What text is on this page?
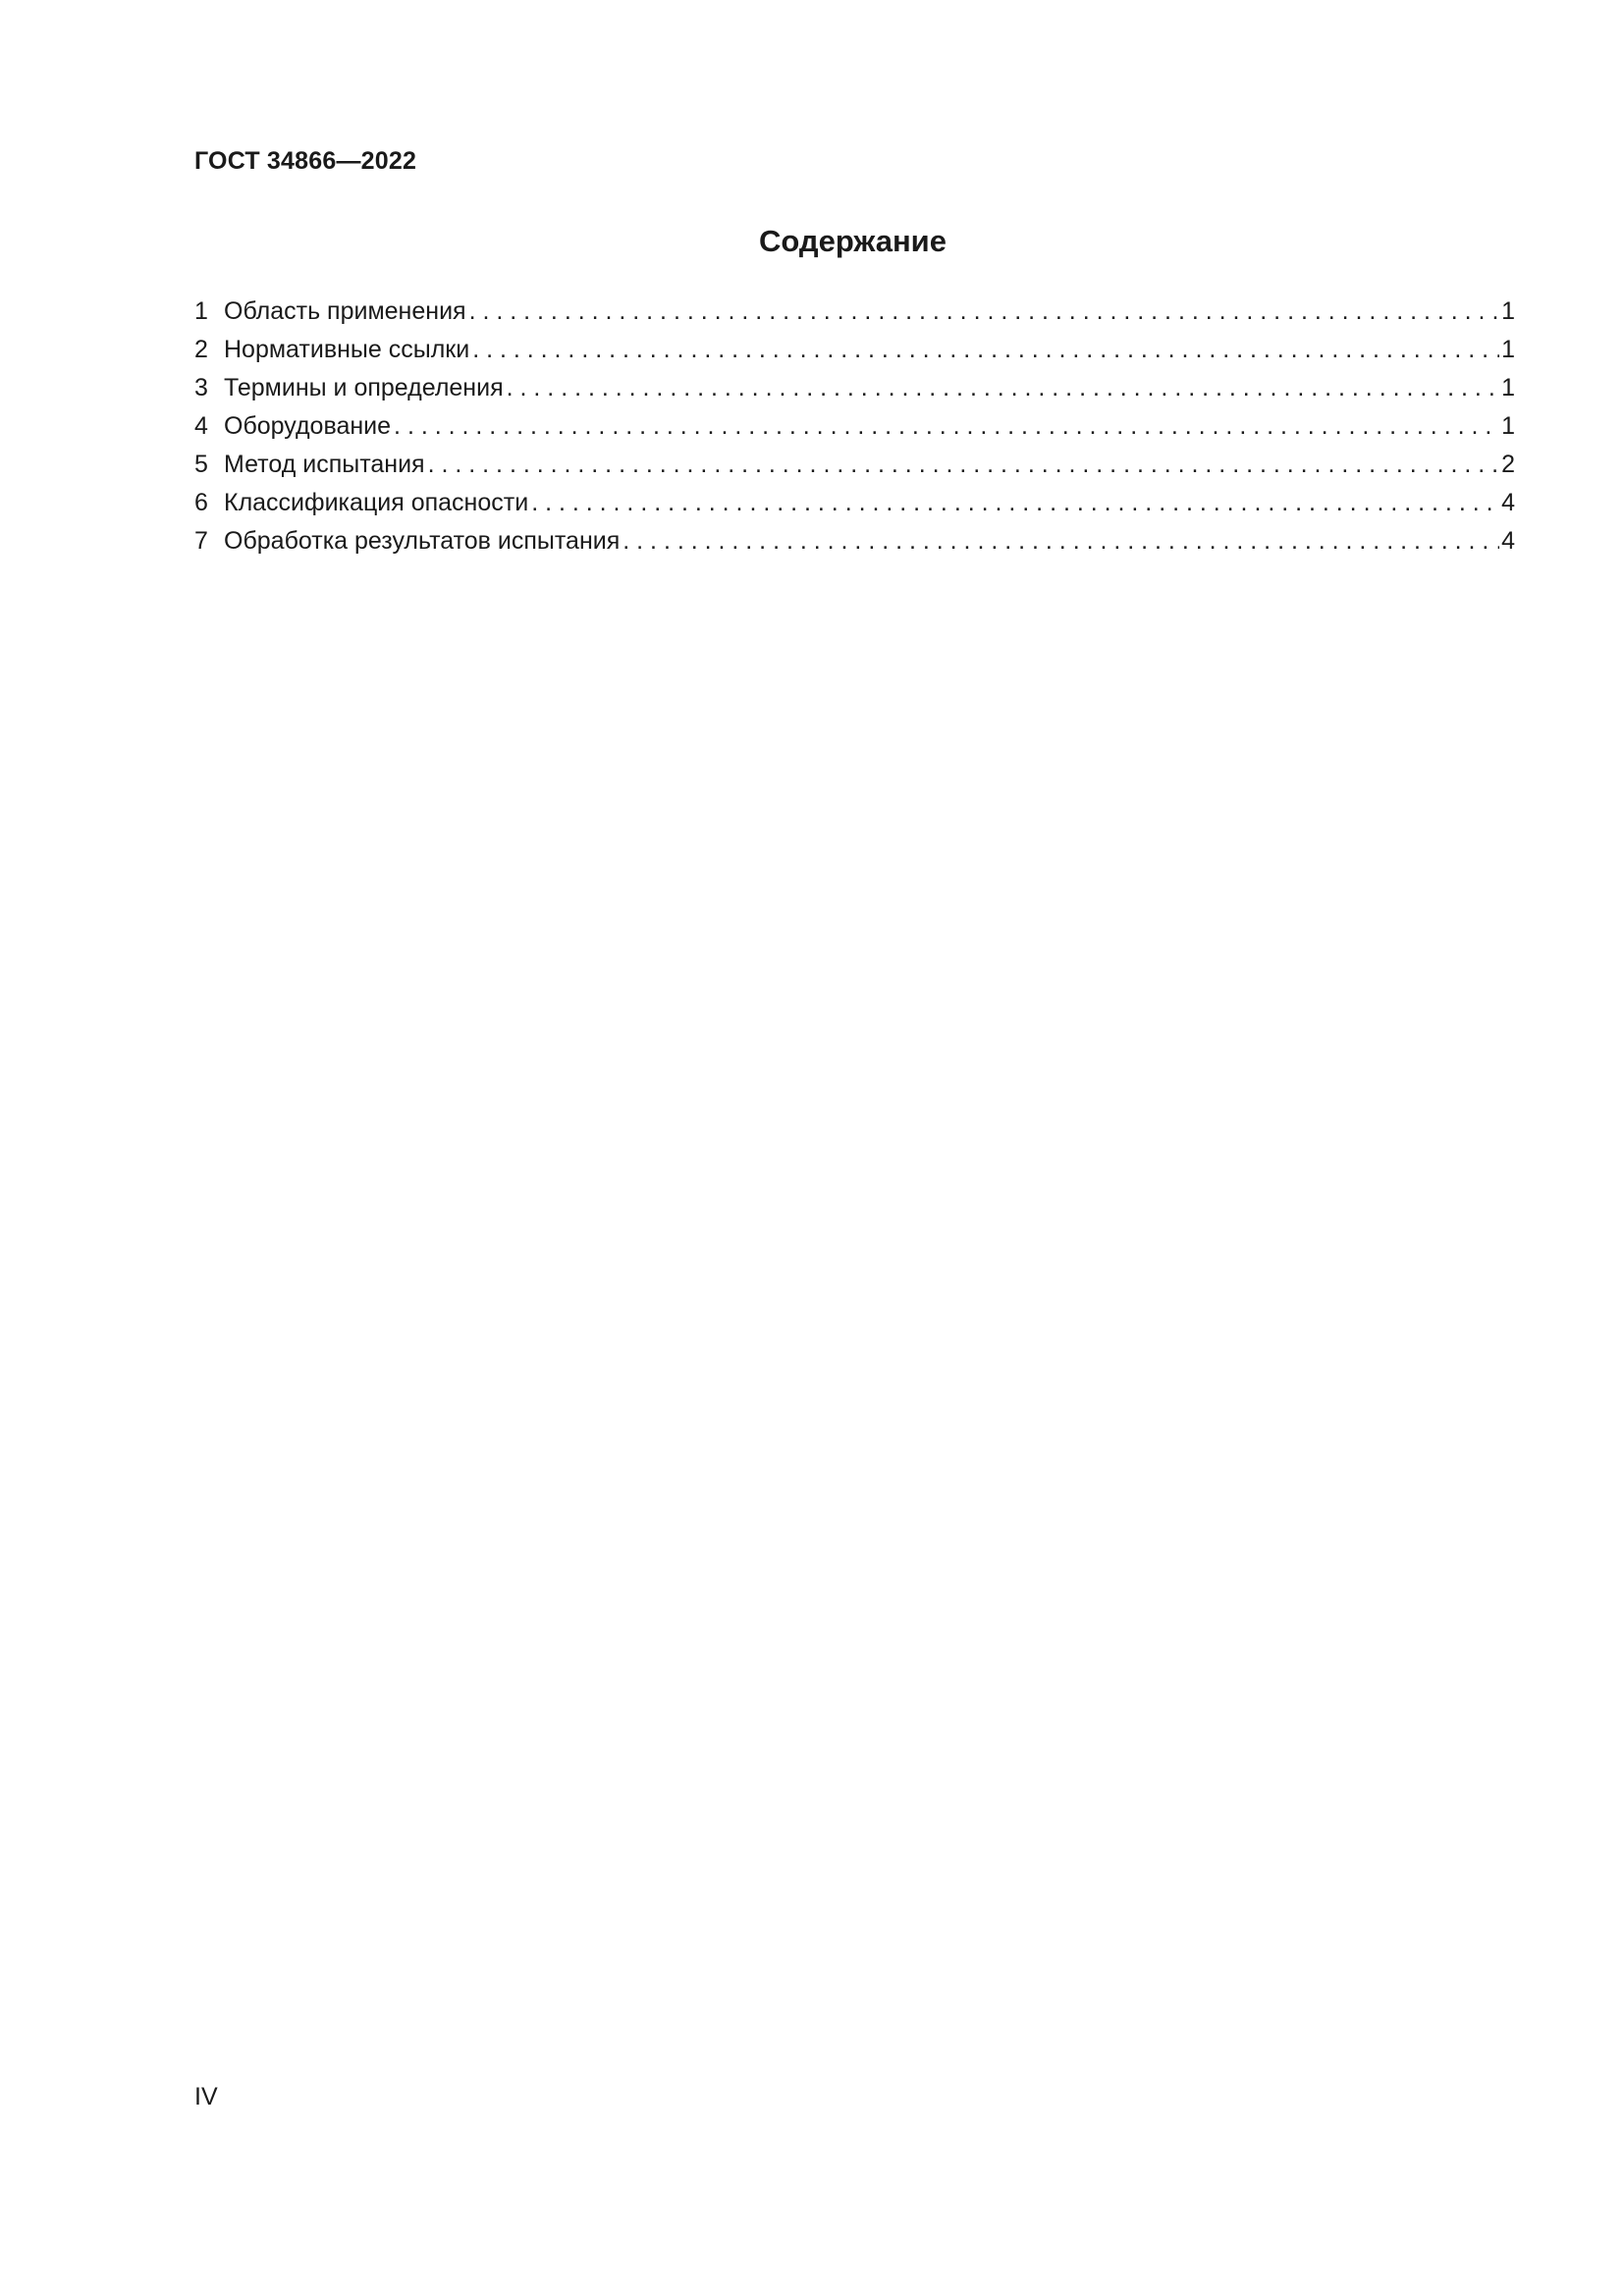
ГОСТ 34866—2022
Содержание
1 Область применения . . .	1
2 Нормативные ссылки . . .	1
3 Термины и определения . . .	1
4 Оборудование . . .	1
5 Метод испытания . . .	2
6 Классификация опасности . . .	4
7 Обработка результатов испытания . . .	4
IV
